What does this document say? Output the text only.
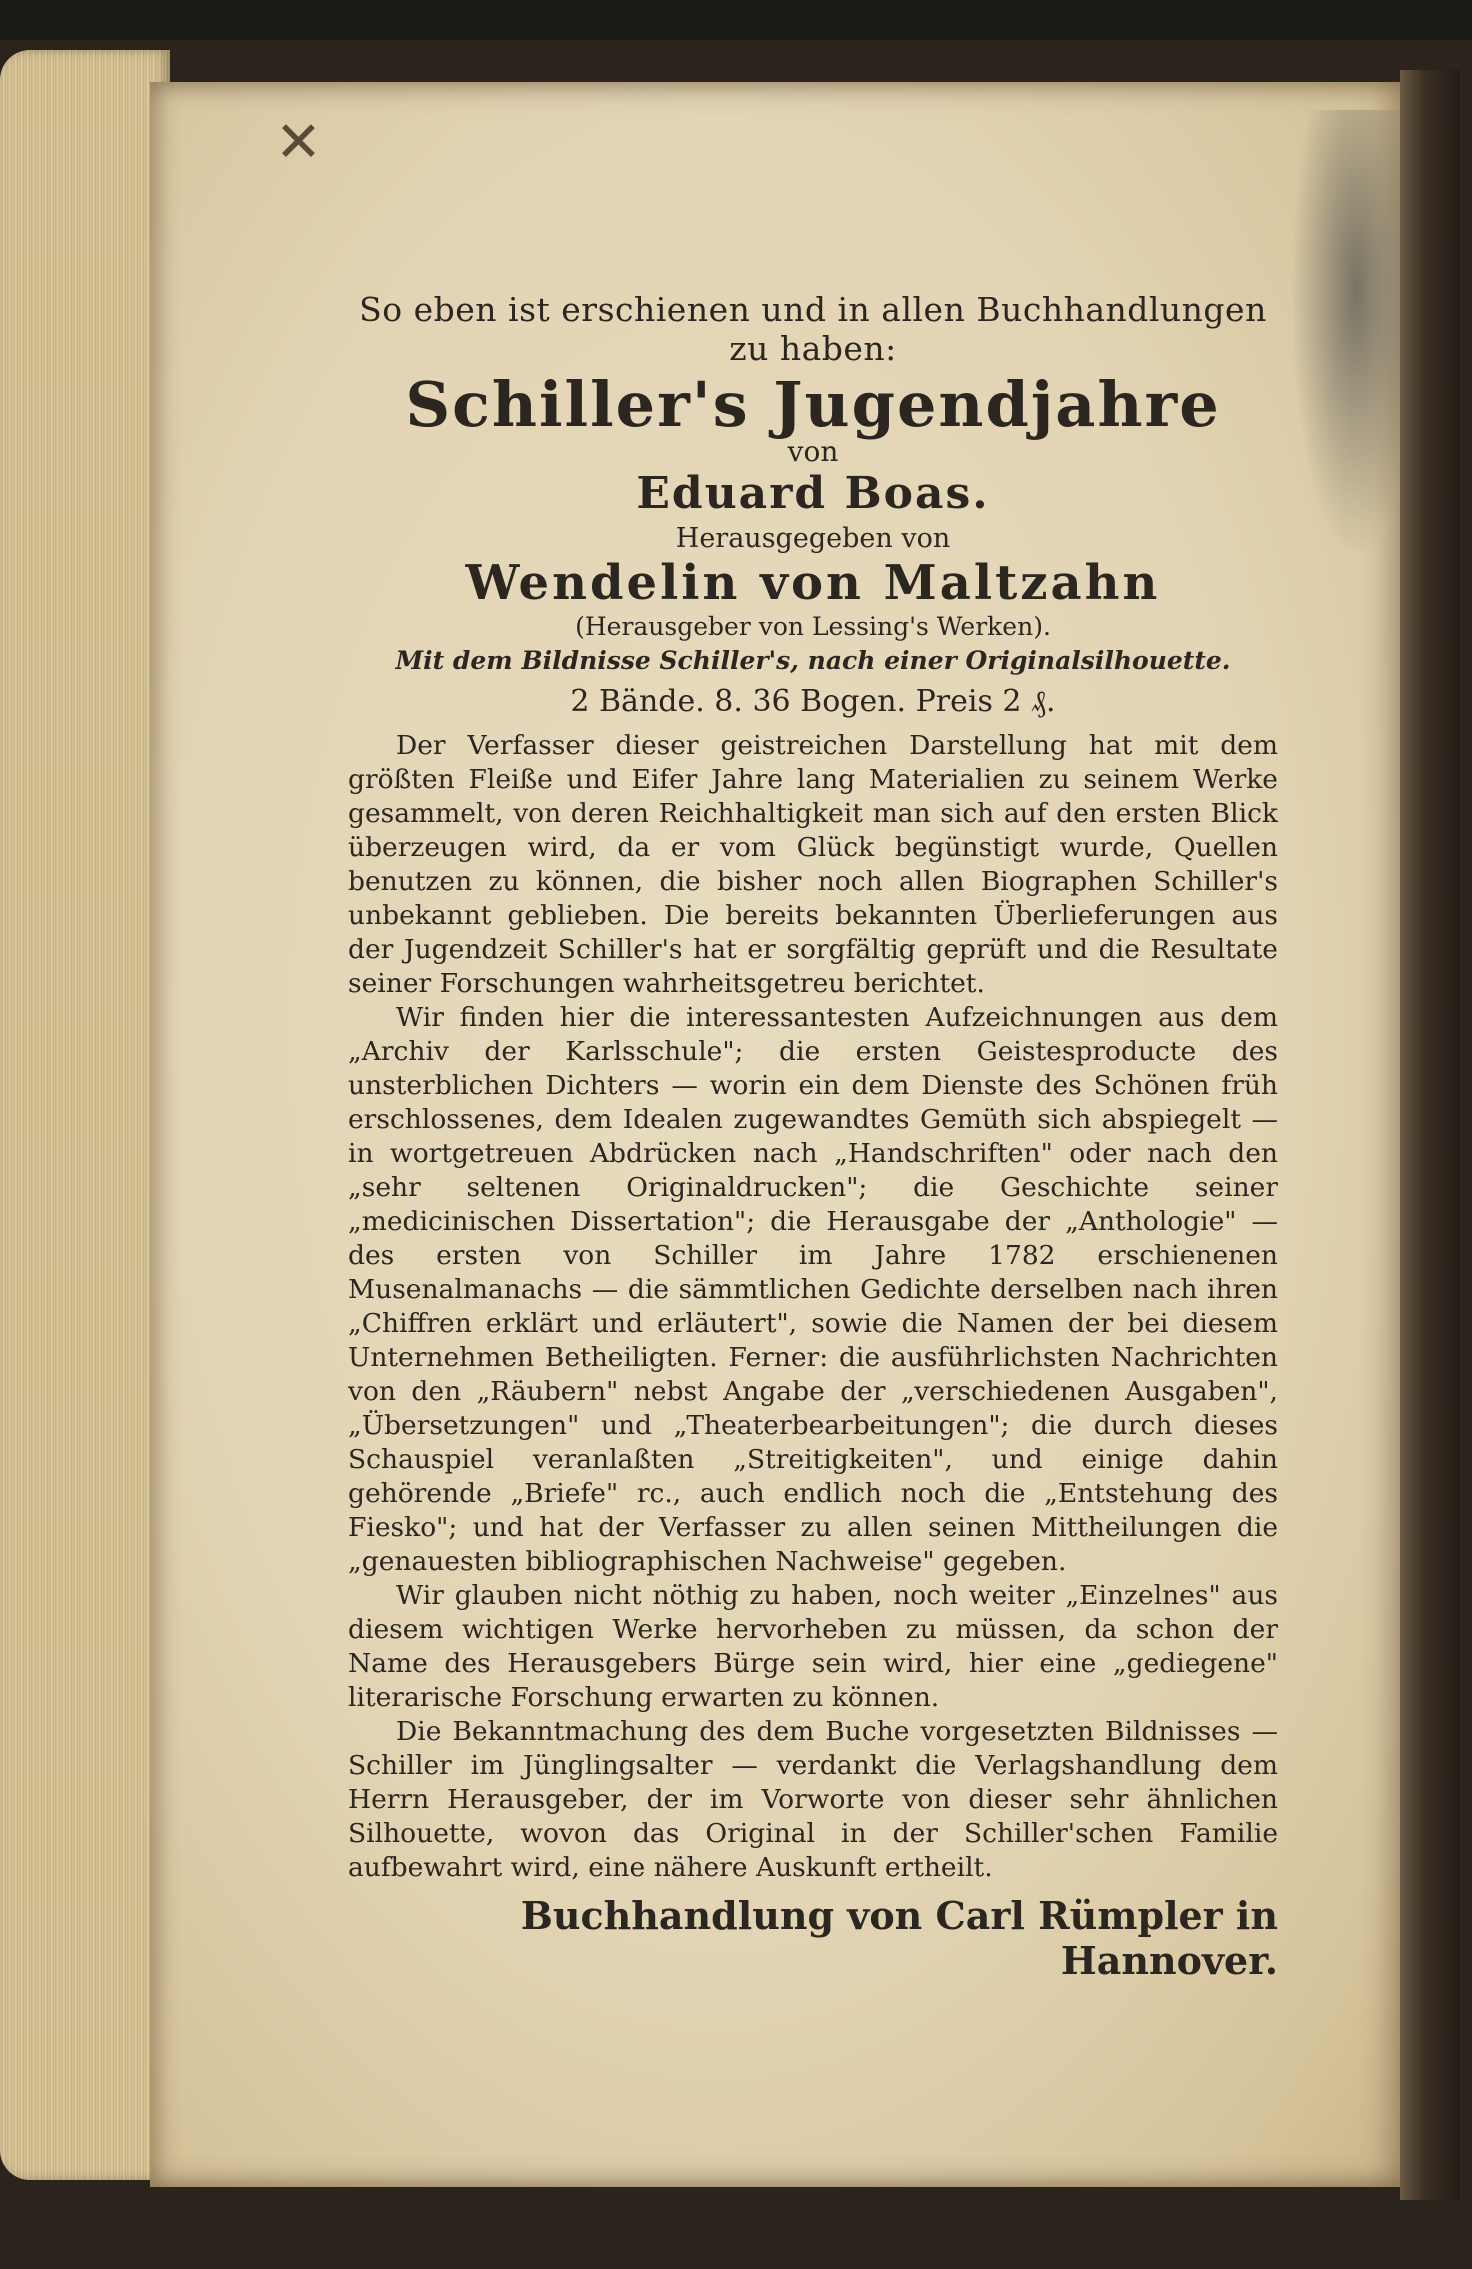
✕

So eben ist erschienen und in allen Buchhandlungen zu haben:

Schiller's Jugendjahre

von

Eduard Boas.

Herausgegeben von

Wendelin von Maltzahn

(Herausgeber von Lessing's Werken).

Mit dem Bildnisse Schiller's, nach einer Originalsilhouette.

2 Bände. 8. 36 Bogen. Preis 2 ₰.

Der Verfasser dieser geistreichen Darstellung hat mit dem größten Fleiße und Eifer Jahre lang Materialien zu seinem Werke gesammelt, von deren Reichhaltigkeit man sich auf den ersten Blick überzeugen wird, da er vom Glück begünstigt wurde, Quellen benutzen zu können, die bisher noch allen Biographen Schiller's unbekannt geblieben. Die bereits bekannten Überlieferungen aus der Jugendzeit Schiller's hat er sorgfältig geprüft und die Resultate seiner Forschungen wahrheitsgetreu berichtet.

Wir finden hier die interessantesten Aufzeichnungen aus dem „Archiv der Karlsschule"; die ersten Geistesproducte des unsterblichen Dichters — worin ein dem Dienste des Schönen früh erschlossenes, dem Idealen zugewandtes Gemüth sich abspiegelt — in wortgetreuen Abdrücken nach „Handschriften" oder nach den „sehr seltenen Originaldrucken"; die Geschichte seiner „medicinischen Dissertation"; die Herausgabe der „Anthologie" — des ersten von Schiller im Jahre 1782 erschienenen Musenalmanachs — die sämmtlichen Gedichte derselben nach ihren „Chiffren erklärt und erläutert", sowie die Namen der bei diesem Unternehmen Betheiligten. Ferner: die ausführlichsten Nachrichten von den „Räubern" nebst Angabe der „verschiedenen Ausgaben", „Übersetzungen" und „Theaterbearbeitungen"; die durch dieses Schauspiel veranlaßten „Streitigkeiten", und einige dahin gehörende „Briefe" rc., auch endlich noch die „Entstehung des Fiesko"; und hat der Verfasser zu allen seinen Mittheilungen die „genauesten bibliographischen Nachweise" gegeben.

Wir glauben nicht nöthig zu haben, noch weiter „Einzelnes" aus diesem wichtigen Werke hervorheben zu müssen, da schon der Name des Herausgebers Bürge sein wird, hier eine „gediegene" literarische Forschung erwarten zu können.

Die Bekanntmachung des dem Buche vorgesetzten Bildnisses — Schiller im Jünglingsalter — verdankt die Verlagshandlung dem Herrn Herausgeber, der im Vorworte von dieser sehr ähnlichen Silhouette, wovon das Original in der Schiller'schen Familie aufbewahrt wird, eine nähere Auskunft ertheilt.

Buchhandlung von Carl Rümpler in Hannover.
